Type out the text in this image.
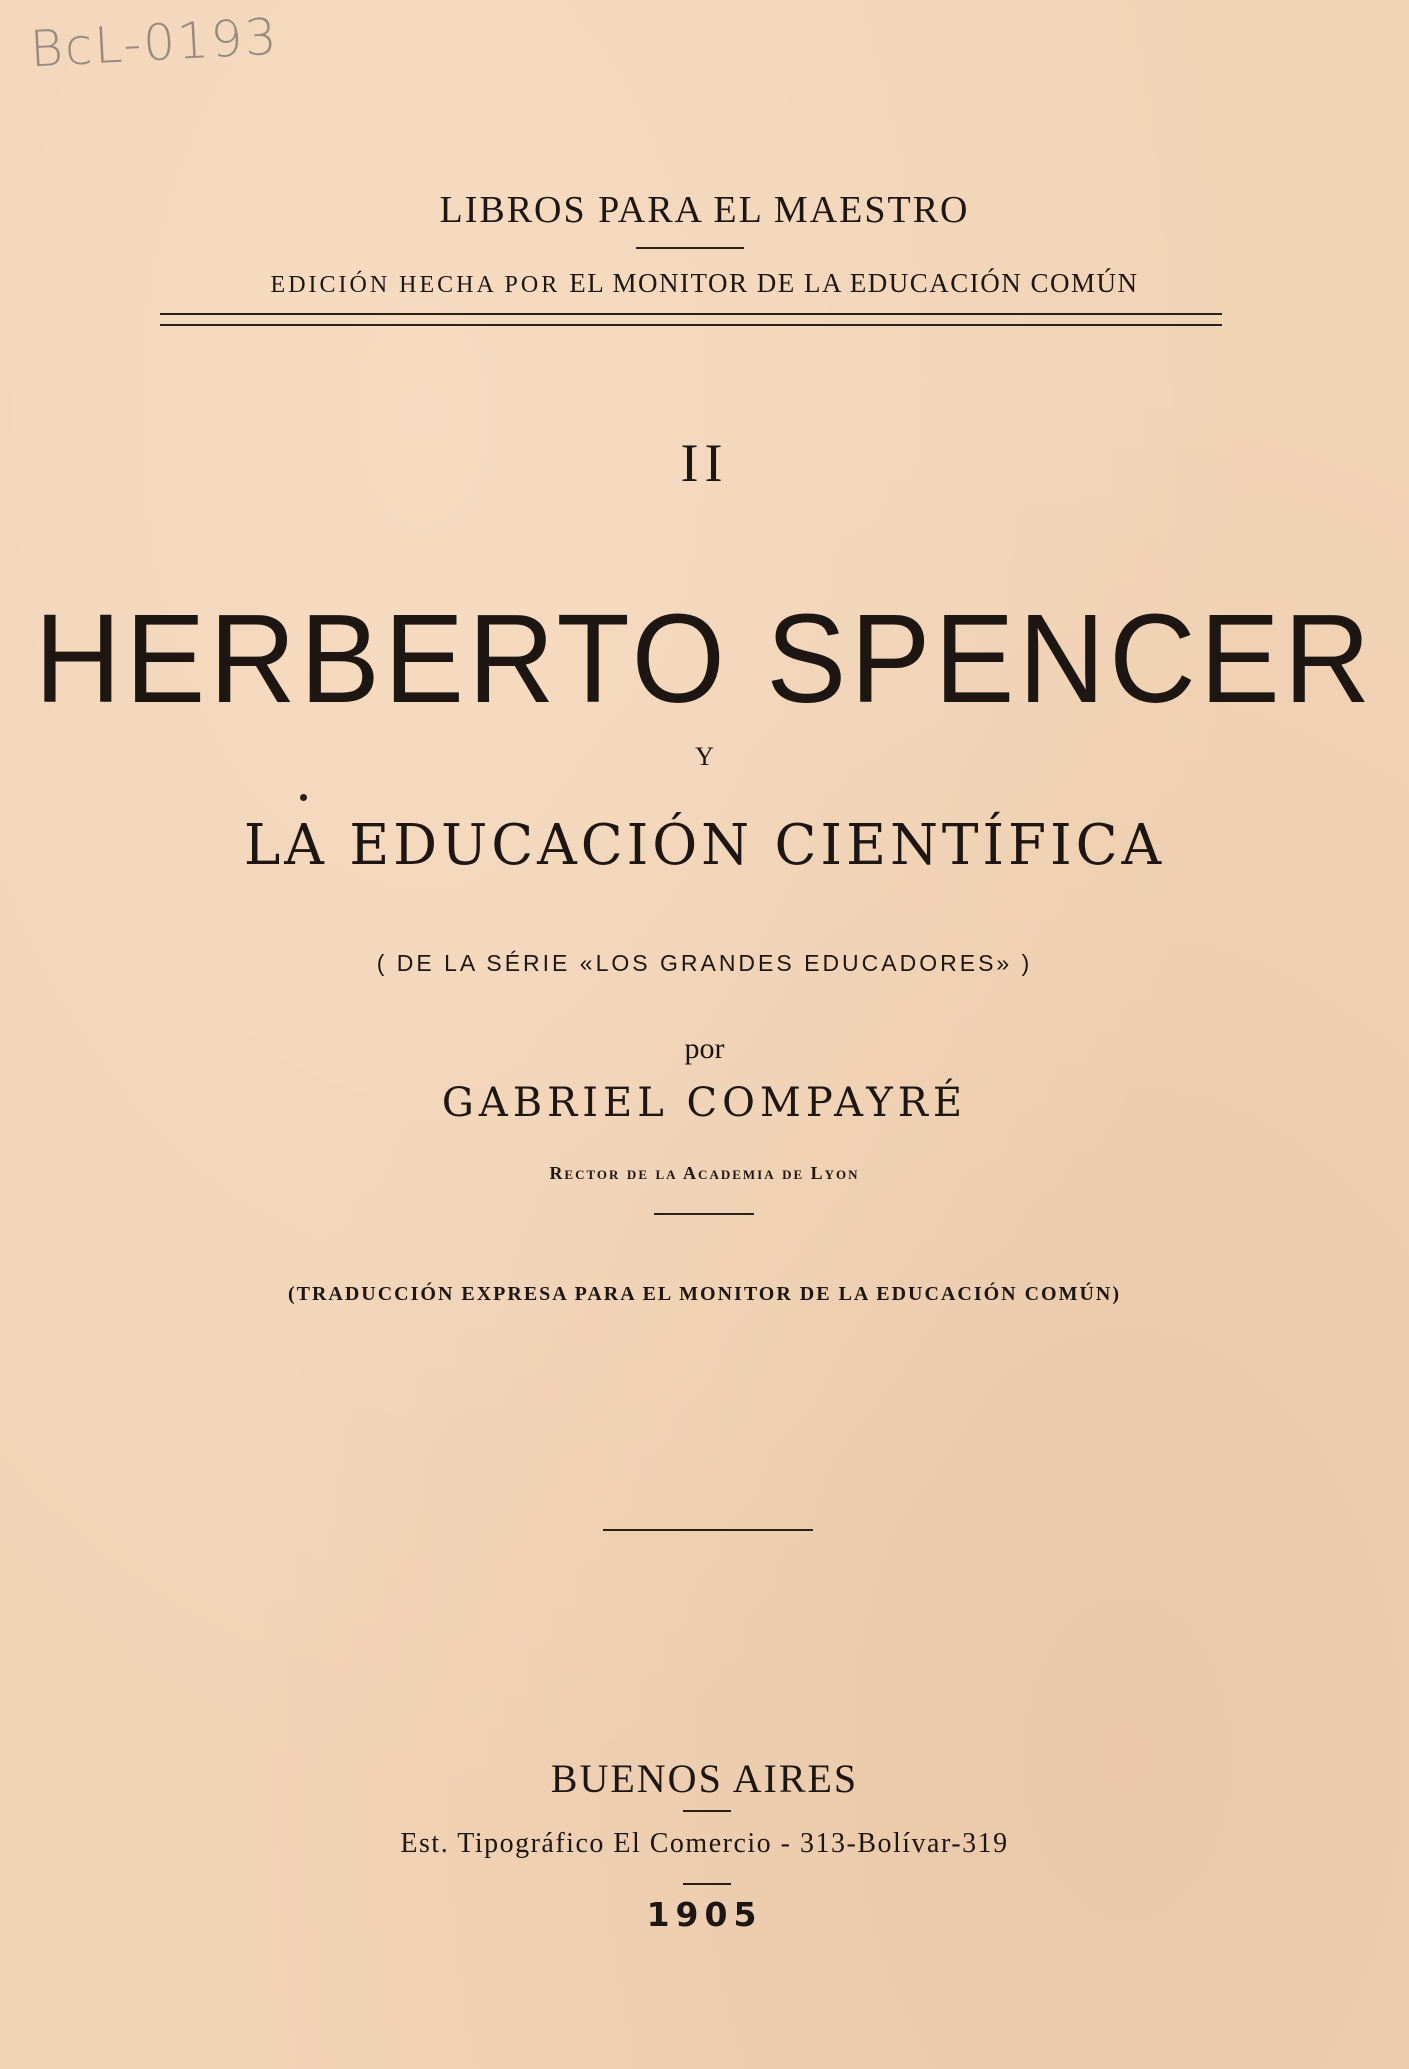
BcL-0193
LIBROS PARA EL MAESTRO
EDICIÓN HECHA POR EL MONITOR DE LA EDUCACIÓN COMÚN
II
HERBERTO SPENCER
Y
LA EDUCACIÓN CIENTÍFICA
( DE LA SÉRIE «LOS GRANDES EDUCADORES» )
por
GABRIEL COMPAYRÉ
Rector de la Academia de Lyon
(TRADUCCIÓN EXPRESA PARA EL MONITOR DE LA EDUCACIÓN COMÚN)
BUENOS AIRES
Est. Tipográfico El Comercio - 313-Bolívar-319
1905
